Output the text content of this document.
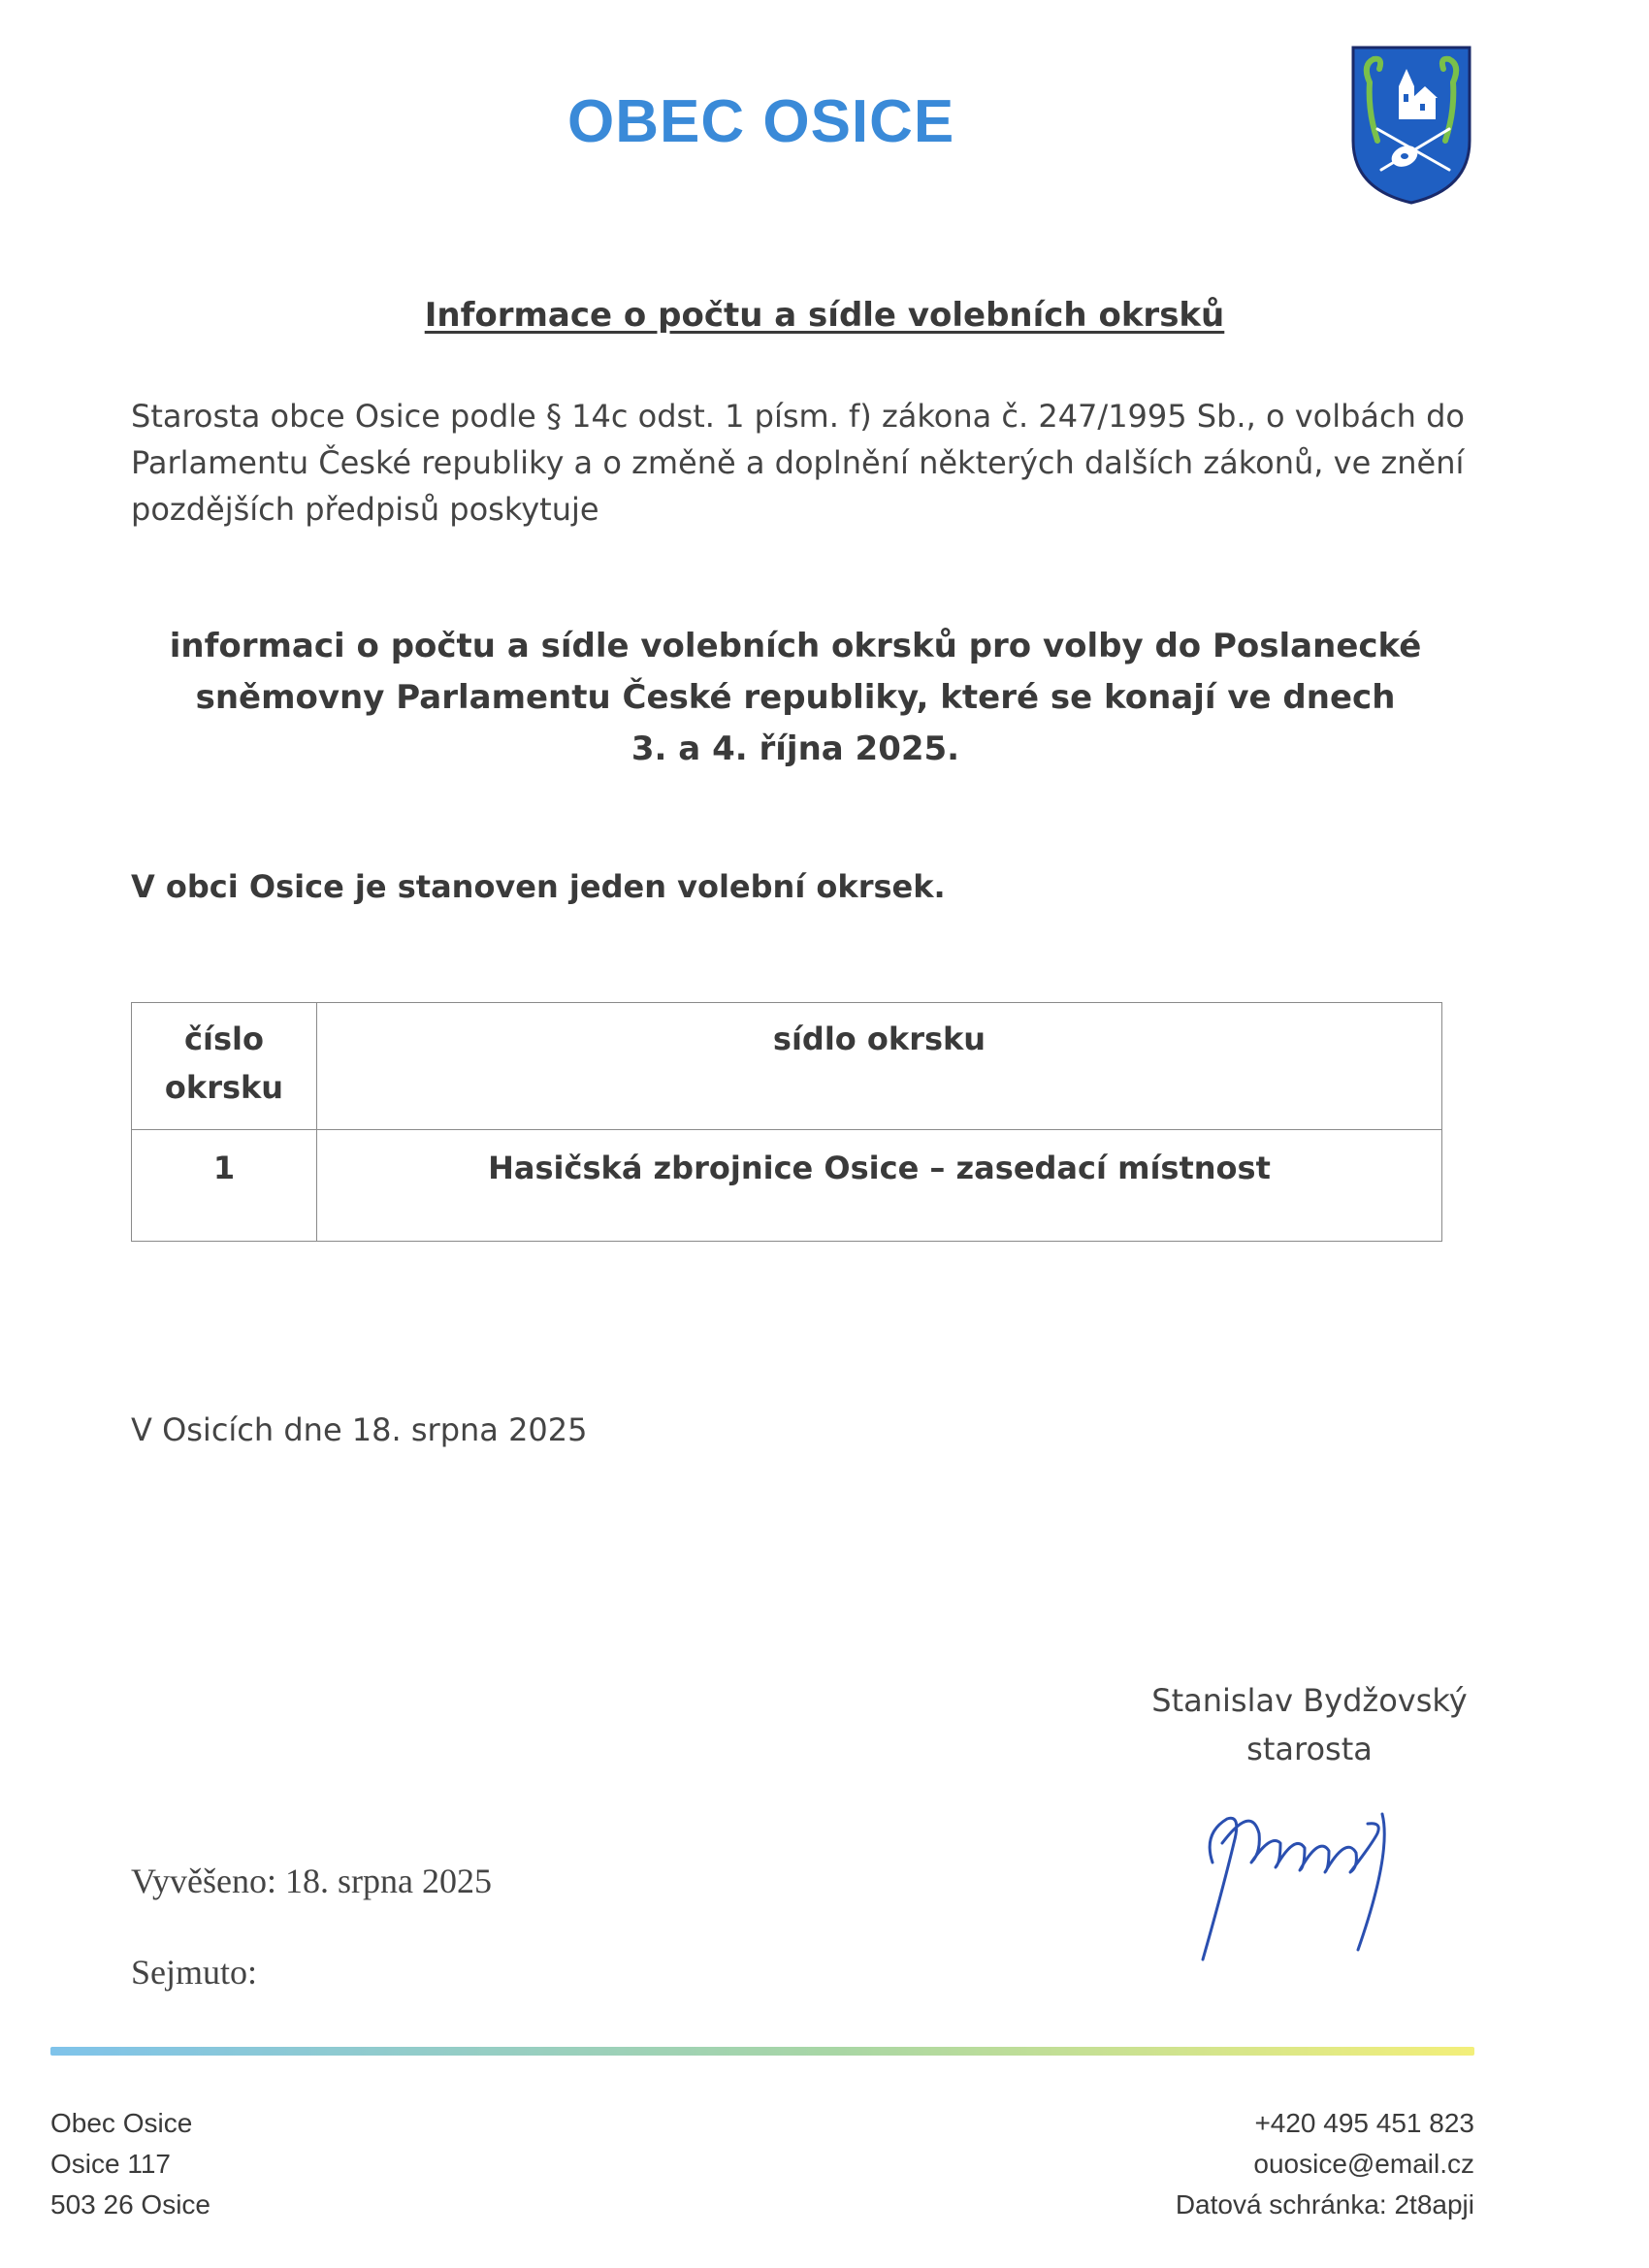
OBEC OSICE
Informace o počtu a sídle volebních okrsků
Starosta obce Osice podle § 14c odst. 1 písm. f) zákona č. 247/1995 Sb., o volbách do
Parlamentu České republiky a o změně a doplnění některých dalších zákonů, ve znění
pozdějších předpisů poskytuje
informaci o počtu a sídle volebních okrsků pro volby do Poslanecké
sněmovny Parlamentu České republiky, které se konají ve dnech
3. a 4. října 2025.
V obci Osice je stanoven jeden volební okrsek.
číslo
okrsku	sídlo okrsku
1	Hasičská zbrojnice Osice – zasedací místnost
V Osicích dne 18. srpna 2025
Stanislav Bydžovský
starosta
Vyvěšeno: 18. srpna 2025
Sejmuto:
Obec Osice
Osice 117
503 26 Osice
+420 495 451 823
ouosice@email.cz
Datová schránka: 2t8apji
